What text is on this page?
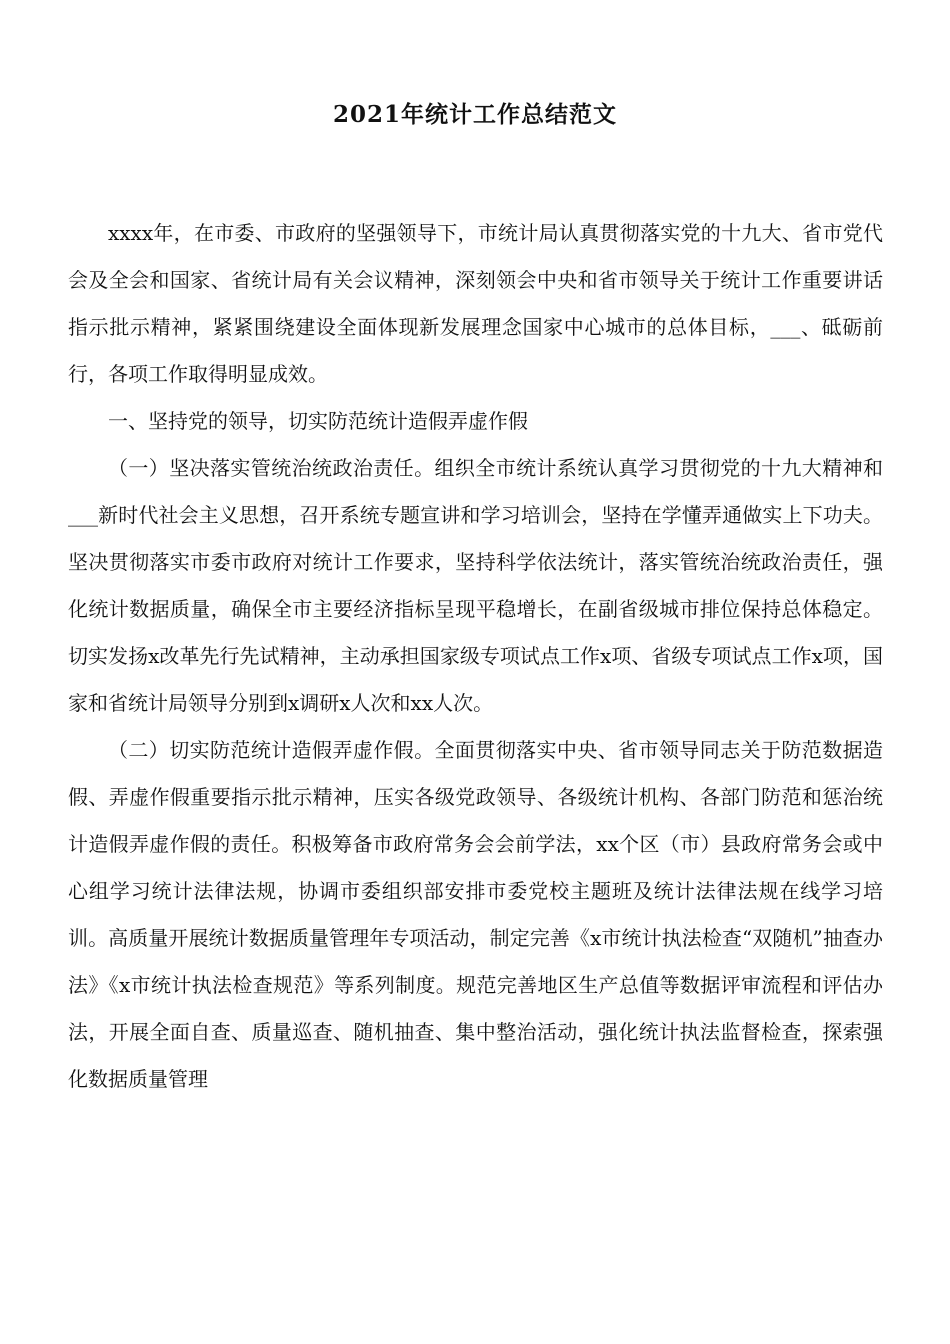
2021年统计工作总结范文

xxxx年，在市委、市政府的坚强领导下，市统计局认真贯彻落实党的十九大、省市党代会及全会和国家、省统计局有关会议精神，深刻领会中央和省市领导关于统计工作重要讲话指示批示精神，紧紧围绕建设全面体现新发展理念国家中心城市的总体目标，___、砥砺前行，各项工作取得明显成效。

一、坚持党的领导，切实防范统计造假弄虚作假

（一）坚决落实管统治统政治责任。组织全市统计系统认真学习贯彻党的十九大精神和___新时代社会主义思想，召开系统专题宣讲和学习培训会，坚持在学懂弄通做实上下功夫。坚决贯彻落实市委市政府对统计工作要求，坚持科学依法统计，落实管统治统政治责任，强化统计数据质量，确保全市主要经济指标呈现平稳增长，在副省级城市排位保持总体稳定。切实发扬x改革先行先试精神，主动承担国家级专项试点工作x项、省级专项试点工作x项，国家和省统计局领导分别到x调研x人次和xx人次。

（二）切实防范统计造假弄虚作假。全面贯彻落实中央、省市领导同志关于防范数据造假、弄虚作假重要指示批示精神，压实各级党政领导、各级统计机构、各部门防范和惩治统计造假弄虚作假的责任。积极筹备市政府常务会会前学法，xx个区（市）县政府常务会或中心组学习统计法律法规，协调市委组织部安排市委党校主题班及统计法律法规在线学习培训。高质量开展统计数据质量管理年专项活动，制定完善《x市统计执法检查“双随机”抽查办法》《x市统计执法检查规范》等系列制度。规范完善地区生产总值等数据评审流程和评估办法，开展全面自查、质量巡查、随机抽查、集中整治活动，强化统计执法监督检查，探索强化数据质量管理
